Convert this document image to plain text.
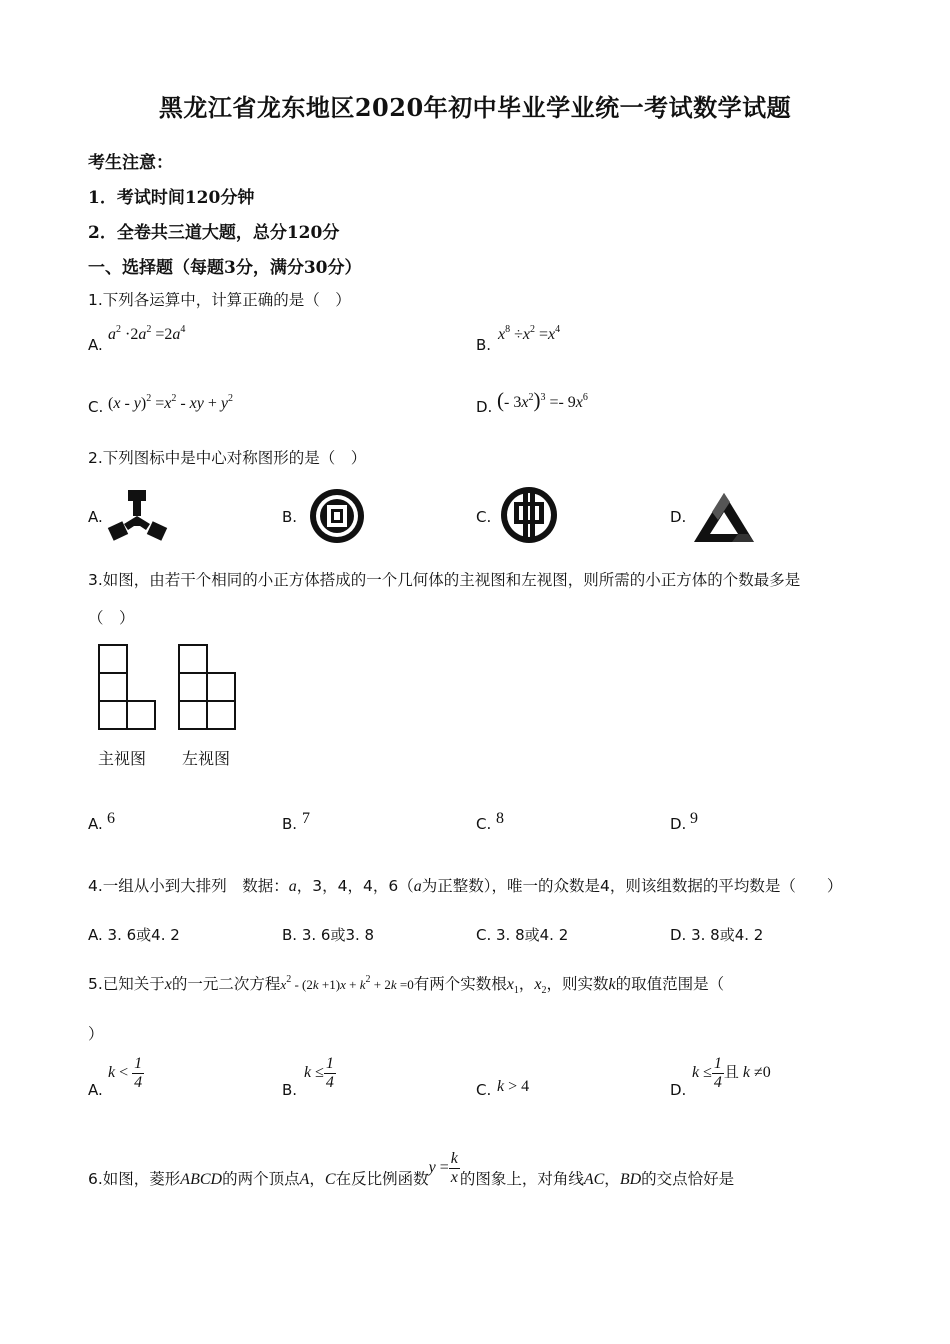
黑龙江省龙东地区2020年初中毕业学业统一考试数学试题
考生注意：
1．考试时间120分钟
2．全卷共三道大题，总分120分
一、选择题（每题3分，满分30分）
1.下列各运算中，计算正确的是（　）
A.
$a^2 \cdot 2a^2 =2a^4$
B.
$x^8 \div x^2 =x^4$
C. $(x - y)^2 =x^2$ - xy + $y^2$	D. (- $3x^2)^3 =- 9x^6$
2.下列图标中是中心对称图形的是（　）
A.	B.	C.	D.
3.如图，由若干个相同的小正方体搭成的一个几何体的主视图和左视图，则所需的小正方体的个数最多是
（　）
主视图 左视图
A. 6	B. 7	C. 8	D. 9
4.一组从小到大排列　数据：a，3，4，4，6（a为正整数），唯一的众数是4，则该组数据的平均数是（　　）
A. 3. 6或4. 2	B. 3. 6或3. 8	C. 3. 8或4. 2	D. 3. 8或4. 2
5.已知关于x的一元二次方程$x^2 - (2k +1)x + k^2 + 2k =0$有两个实数根$x_1$，$x_2$，则实数k的取值范围是（
）
A.
$k < \frac{1}{4}$	B.
$k \le \frac{1}{4}$	C. k > 4	D.
$k \le \frac{1}{4}$ 且 k ≠0
6.如图，菱形ABCD的两个顶点A，C在反比例函数$y = \frac{k}{x}$ 的图象上，对角线AC，BD的交点恰好是
